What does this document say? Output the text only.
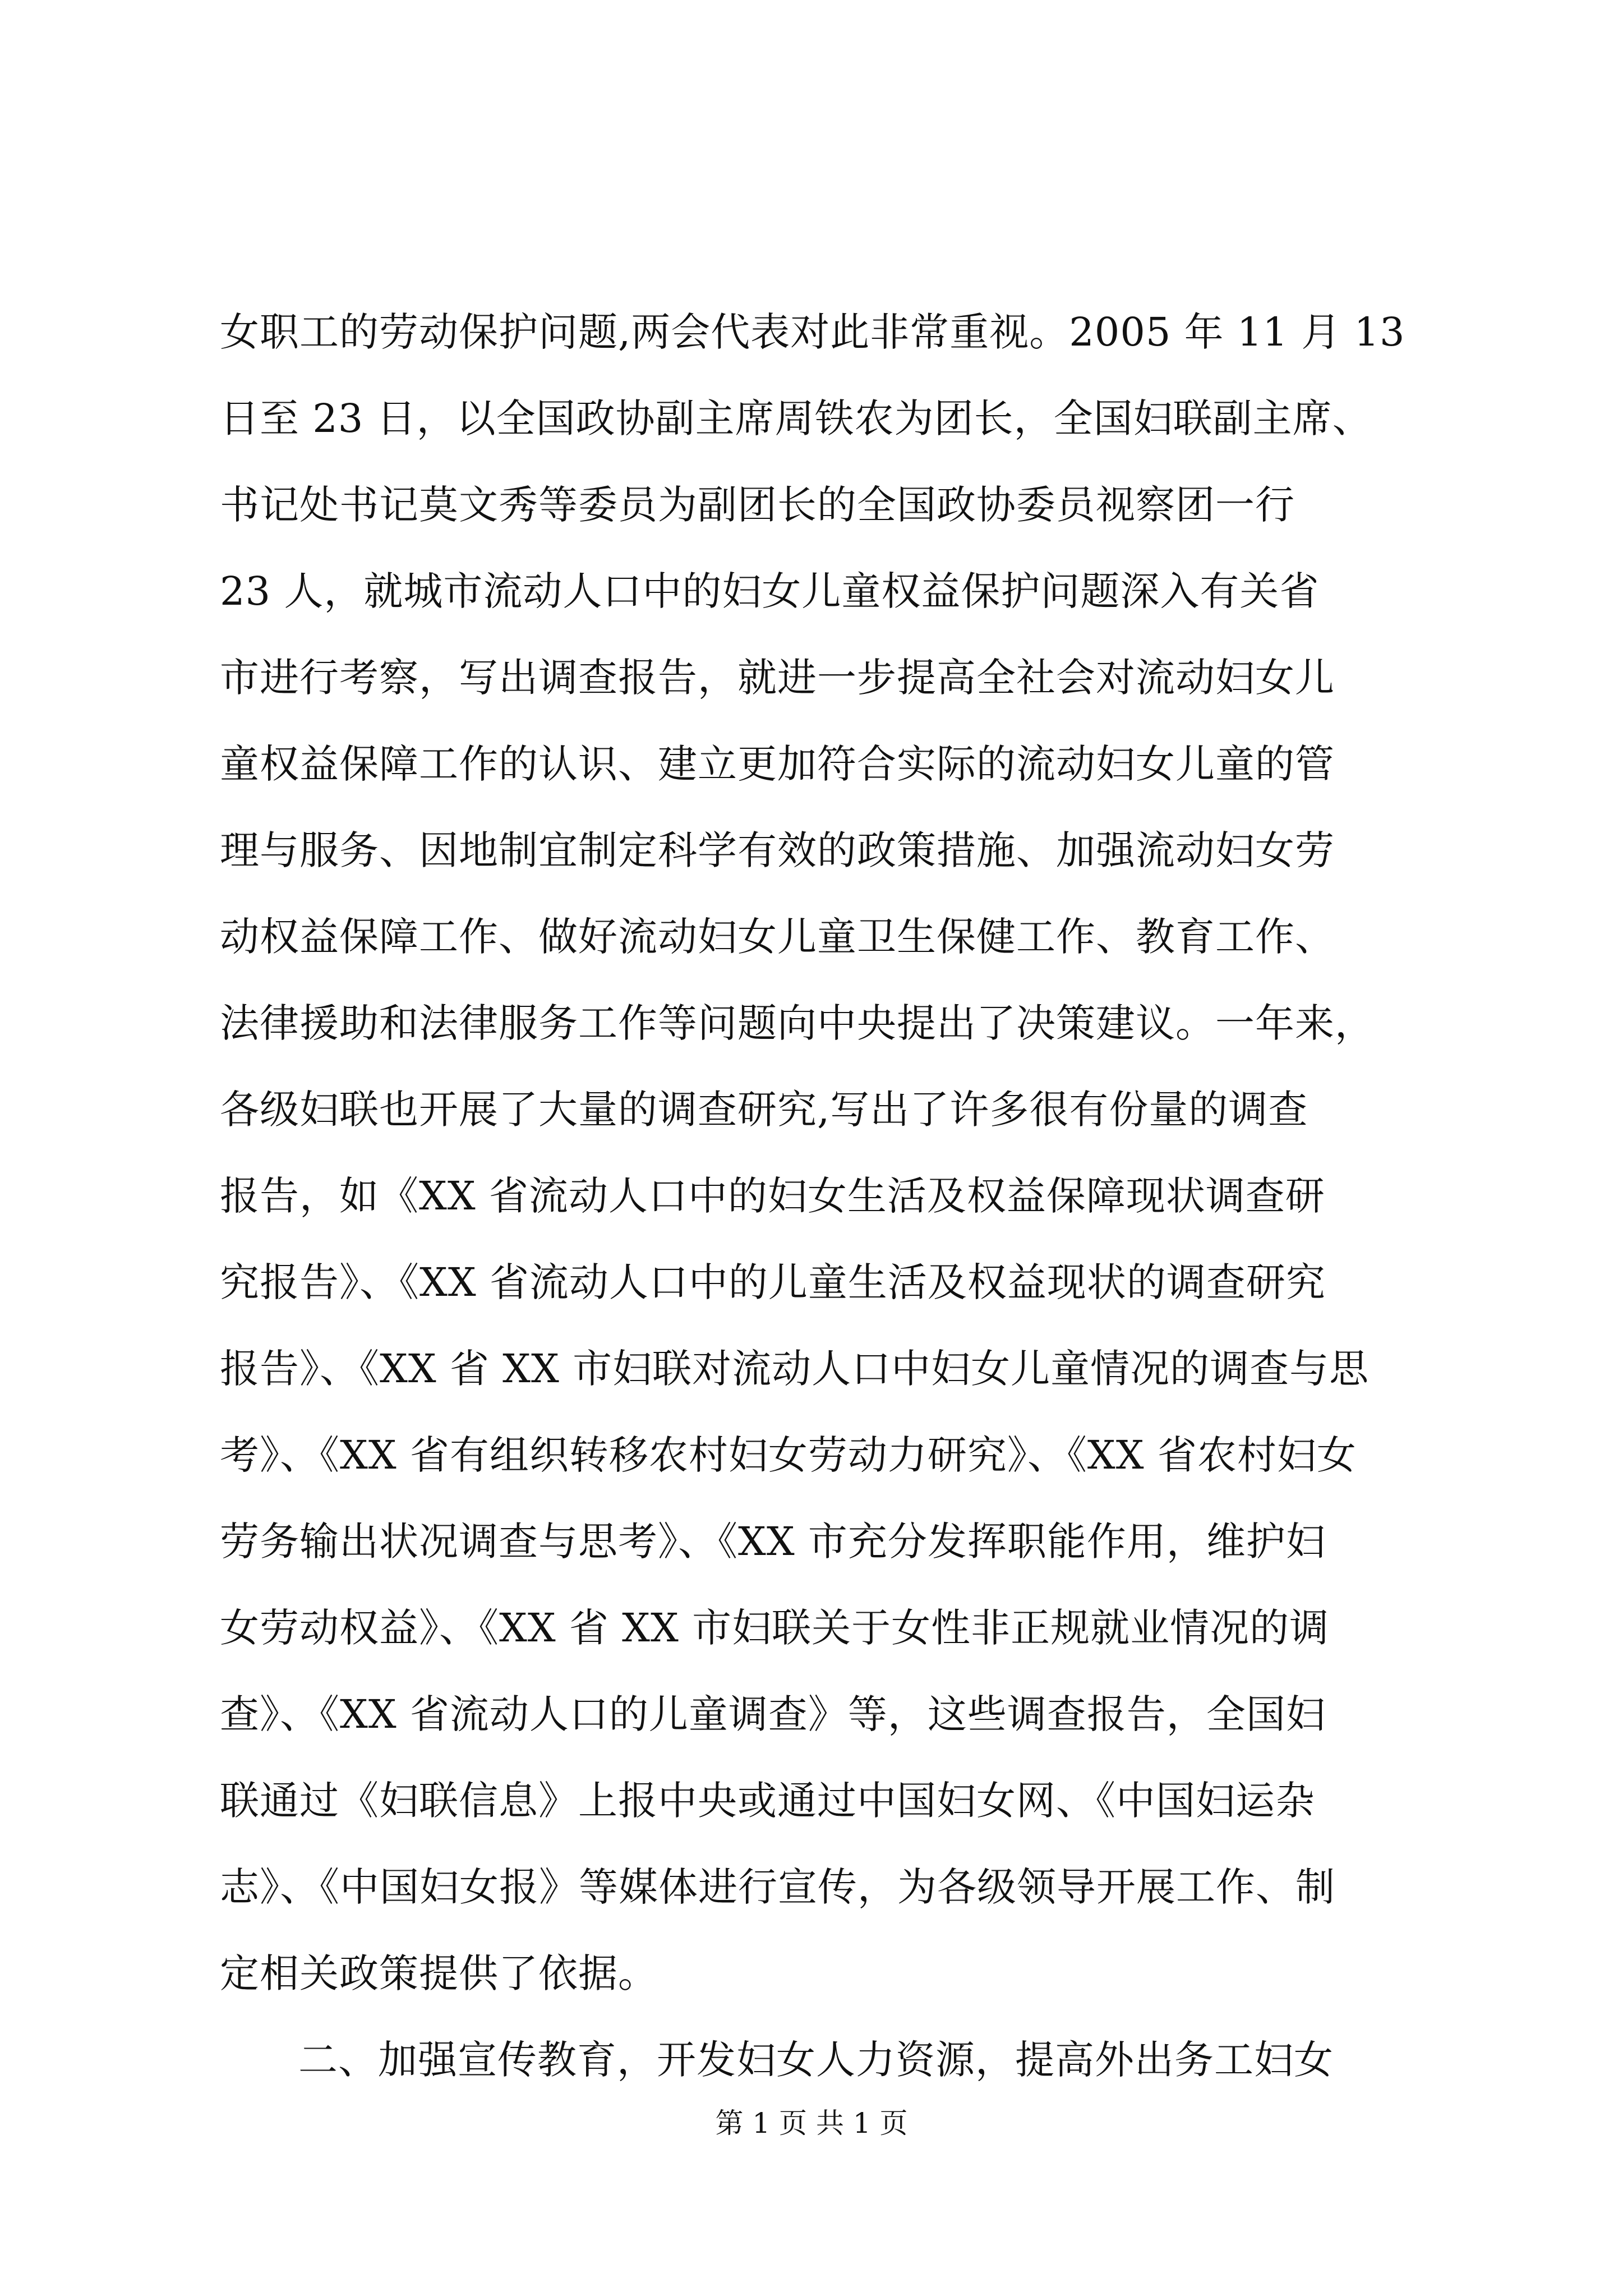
女职工的劳动保护问题,两会代表对此非常重视。2005 年 11 月 13
日至 23 日，以全国政协副主席周铁农为团长，全国妇联副主席、
书记处书记莫文秀等委员为副团长的全国政协委员视察团一行
23 人，就城市流动人口中的妇女儿童权益保护问题深入有关省
市进行考察，写出调查报告，就进一步提高全社会对流动妇女儿
童权益保障工作的认识、建立更加符合实际的流动妇女儿童的管
理与服务、因地制宜制定科学有效的政策措施、加强流动妇女劳
动权益保障工作、做好流动妇女儿童卫生保健工作、教育工作、
法律援助和法律服务工作等问题向中央提出了决策建议。一年来，
各级妇联也开展了大量的调查研究,写出了许多很有份量的调查
报告，如《XX 省流动人口中的妇女生活及权益保障现状调查研
究报告》、《XX 省流动人口中的儿童生活及权益现状的调查研究
报告》、《XX 省 XX 市妇联对流动人口中妇女儿童情况的调查与思
考》、《XX 省有组织转移农村妇女劳动力研究》、《XX 省农村妇女
劳务输出状况调查与思考》、《XX 市充分发挥职能作用，维护妇
女劳动权益》、《XX 省 XX 市妇联关于女性非正规就业情况的调
查》、《XX 省流动人口的儿童调查》等，这些调查报告，全国妇
联通过《妇联信息》上报中央或通过中国妇女网、《中国妇运杂
志》、《中国妇女报》等媒体进行宣传，为各级领导开展工作、制
定相关政策提供了依据。
二、加强宣传教育，开发妇女人力资源，提高外出务工妇女
第 1 页 共 1 页
